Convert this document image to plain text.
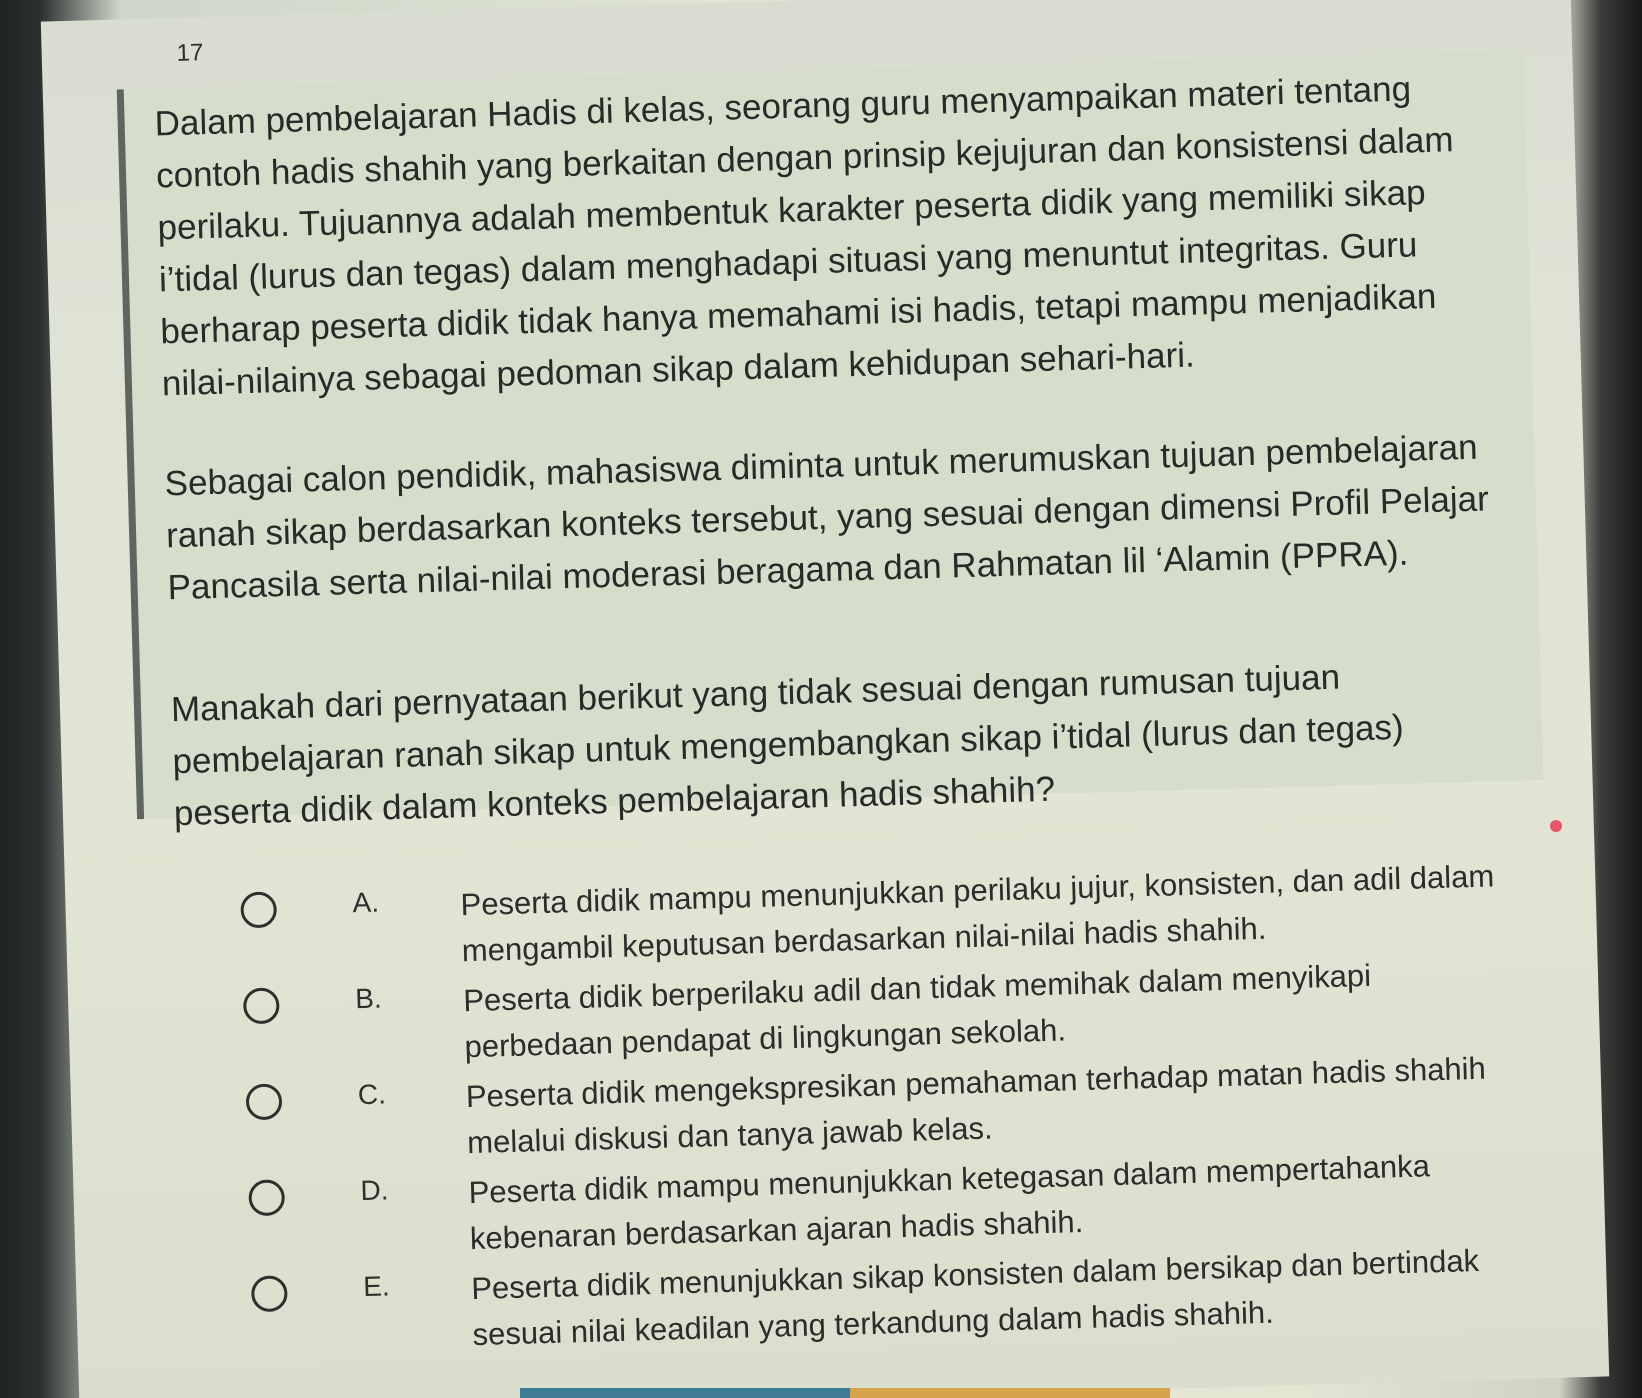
17

Dalam pembelajaran Hadis di kelas, seorang guru menyampaikan materi tentang contoh hadis shahih yang berkaitan dengan prinsip kejujuran dan konsistensi dalam perilaku. Tujuannya adalah membentuk karakter peserta didik yang memiliki sikap i’tidal (lurus dan tegas) dalam menghadapi situasi yang menuntut integritas. Guru berharap peserta didik tidak hanya memahami isi hadis, tetapi mampu menjadikan nilai-nilainya sebagai pedoman sikap dalam kehidupan sehari-hari.

Sebagai calon pendidik, mahasiswa diminta untuk merumuskan tujuan pembelajaran ranah sikap berdasarkan konteks tersebut, yang sesuai dengan dimensi Profil Pelajar Pancasila serta nilai-nilai moderasi beragama dan Rahmatan lil ‘Alamin (PPRA).

Manakah dari pernyataan berikut yang tidak sesuai dengan rumusan tujuan pembelajaran ranah sikap untuk mengembangkan sikap i’tidal (lurus dan tegas) peserta didik dalam konteks pembelajaran hadis shahih?

A.	Peserta didik mampu menunjukkan perilaku jujur, konsisten, dan adil dalam mengambil keputusan berdasarkan nilai-nilai hadis shahih.
B.	Peserta didik berperilaku adil dan tidak memihak dalam menyikapi perbedaan pendapat di lingkungan sekolah.
C.	Peserta didik mengekspresikan pemahaman terhadap matan hadis shahih melalui diskusi dan tanya jawab kelas.
D.	Peserta didik mampu menunjukkan ketegasan dalam mempertahanka kebenaran berdasarkan ajaran hadis shahih.
E.	Peserta didik menunjukkan sikap konsisten dalam bersikap dan bertindak sesuai nilai keadilan yang terkandung dalam hadis shahih.
